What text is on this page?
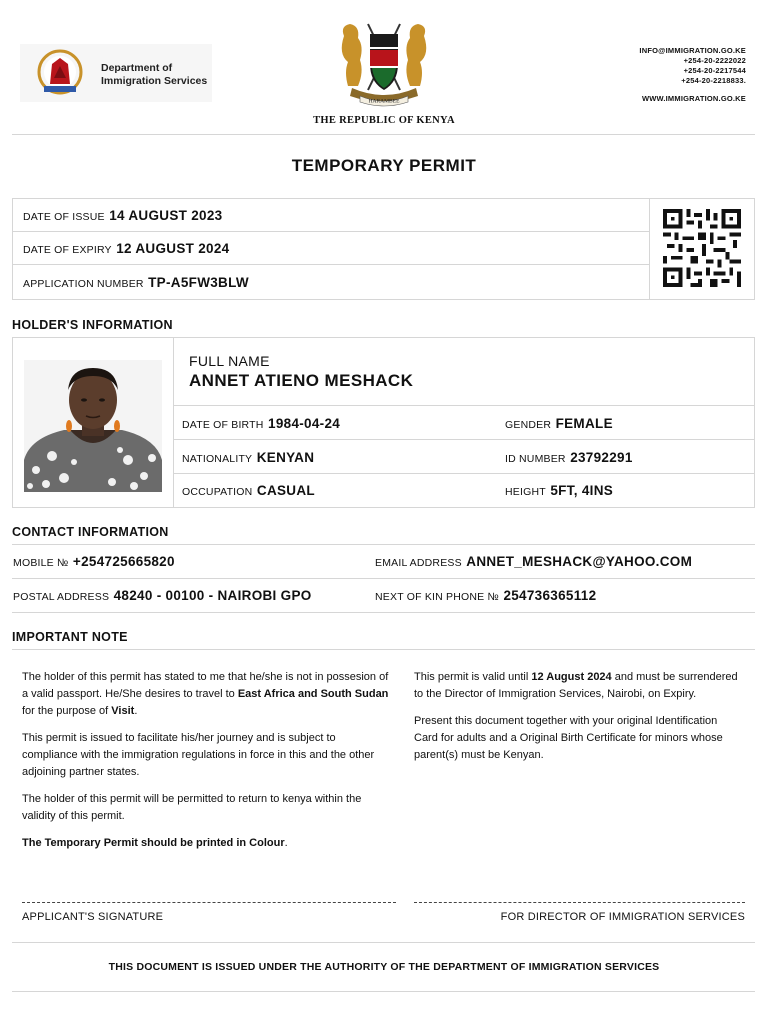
Department of
Immigration Services
HARAMBEE
THE REPUBLIC OF KENYA
INFO@IMMIGRATION.GO.KE
+254-20-2222022
+254-20-2217544
+254-20-2218833.
WWW.IMMIGRATION.GO.KE
TEMPORARY PERMIT
DATE OF ISSUE 14 AUGUST 2023
DATE OF EXPIRY 12 AUGUST 2024
APPLICATION NUMBER TP-A5FW3BLW
HOLDER'S INFORMATION
FULL NAME
ANNET ATIENO MESHACK
DATE OF BIRTH 1984-04-24	GENDER FEMALE
NATIONALITY KENYAN	ID NUMBER 23792291
OCCUPATION CASUAL	HEIGHT 5FT, 4INS
CONTACT INFORMATION
MOBILE № +254725665820	EMAIL ADDRESS ANNET_MESHACK@YAHOO.COM
POSTAL ADDRESS 48240 - 00100 - NAIROBI GPO	NEXT OF KIN PHONE № 254736365112
IMPORTANT NOTE

The holder of this permit has stated to me that he/she is not in possesion of a valid passport. He/She desires to travel to East Africa and South Sudan for the purpose of Visit.

This permit is issued to facilitate his/her journey and is subject to compliance with the immigration regulations in force in this and the other adjoining partner states.

The holder of this permit will be permitted to return to kenya within the validity of this permit.

The Temporary Permit should be printed in Colour.

This permit is valid until 12 August 2024 and must be surrendered to the Director of Immigration Services, Nairobi, on Expiry.

Present this document together with your original Identification Card for adults and a Original Birth Certificate for minors whose parent(s) must be Kenyan.

APPLICANT'S SIGNATURE	FOR DIRECTOR OF IMMIGRATION SERVICES
THIS DOCUMENT IS ISSUED UNDER THE AUTHORITY OF THE DEPARTMENT OF IMMIGRATION SERVICES
